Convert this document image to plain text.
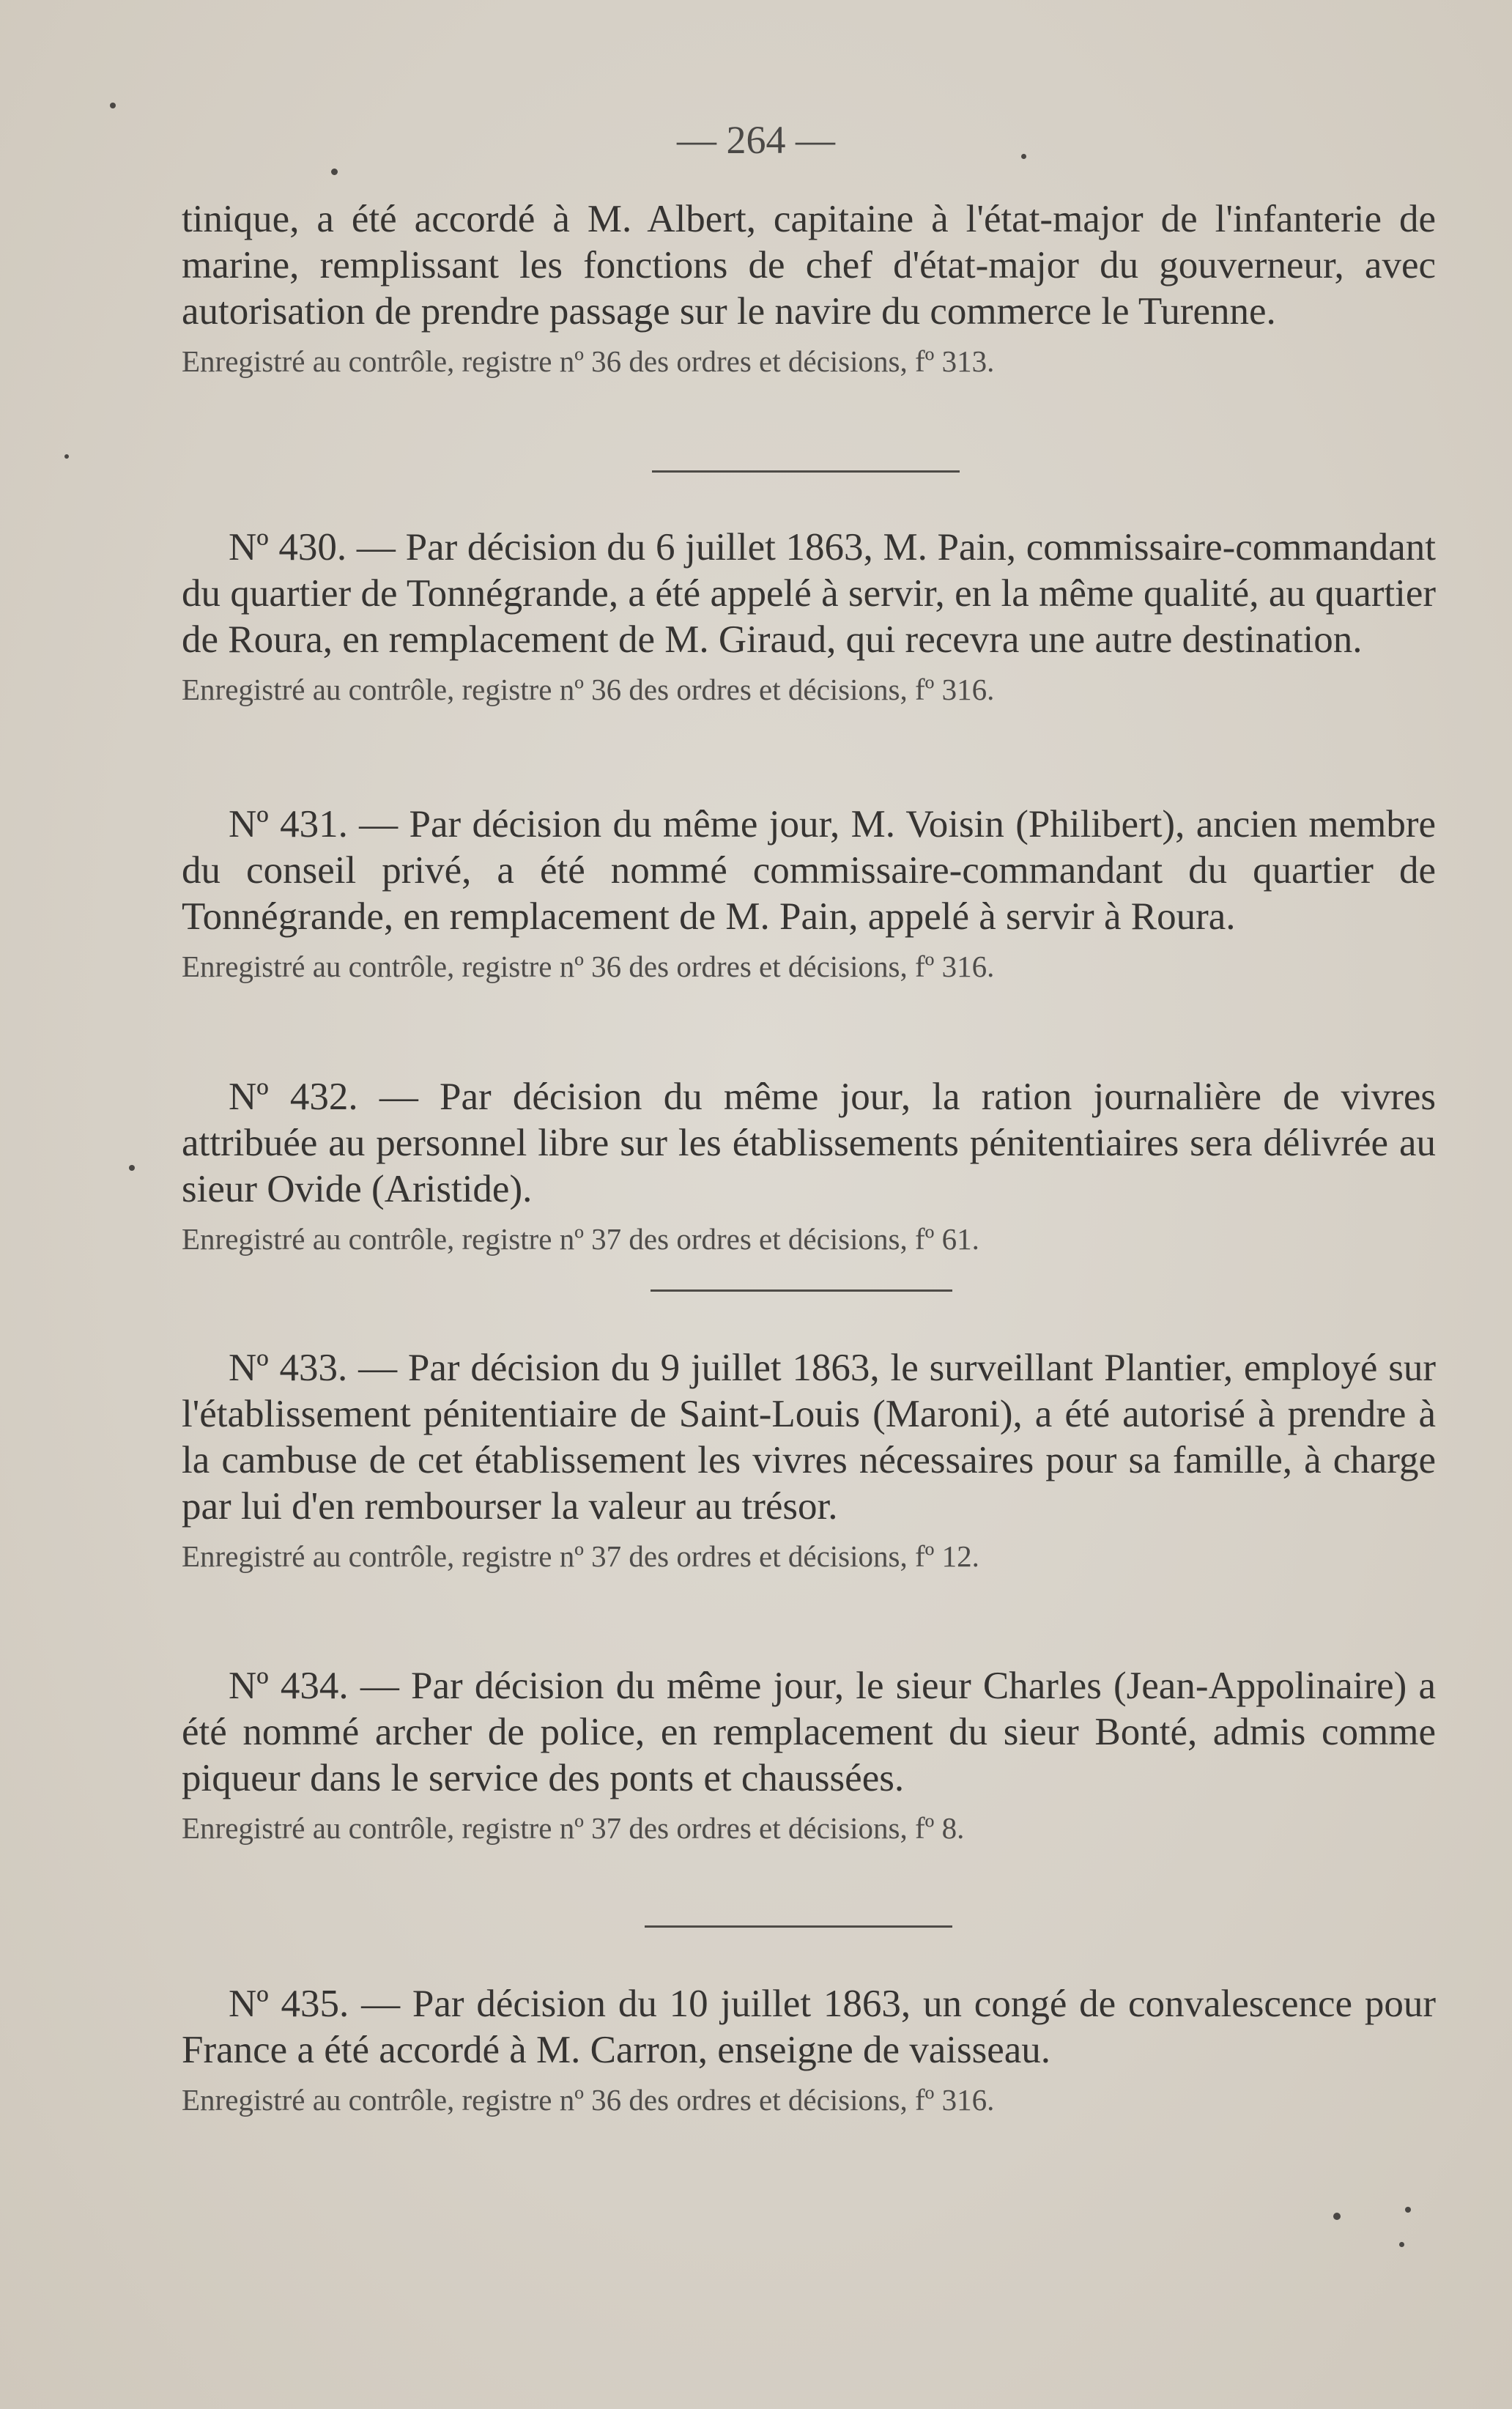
— 264 —

tinique, a été accordé à M. Albert, capitaine à l'état-major de l'infanterie de marine, remplissant les fonctions de chef d'état-major du gouverneur, avec autorisation de prendre passage sur le navire du commerce le Turenne.

Enregistré au contrôle, registre nº 36 des ordres et décisions, fº 313.

Nº 430. — Par décision du 6 juillet 1863, M. Pain, commissaire-commandant du quartier de Tonnégrande, a été appelé à servir, en la même qualité, au quartier de Roura, en remplacement de M. Giraud, qui recevra une autre destination.

Enregistré au contrôle, registre nº 36 des ordres et décisions, fº 316.

Nº 431. — Par décision du même jour, M. Voisin (Philibert), ancien membre du conseil privé, a été nommé commissaire-commandant du quartier de Tonnégrande, en remplacement de M. Pain, appelé à servir à Roura.

Enregistré au contrôle, registre nº 36 des ordres et décisions, fº 316.

Nº 432. — Par décision du même jour, la ration journalière de vivres attribuée au personnel libre sur les établissements pénitentiaires sera délivrée au sieur Ovide (Aristide).

Enregistré au contrôle, registre nº 37 des ordres et décisions, fº 61.

Nº 433. — Par décision du 9 juillet 1863, le surveillant Plantier, employé sur l'établissement pénitentiaire de Saint-Louis (Maroni), a été autorisé à prendre à la cambuse de cet établissement les vivres nécessaires pour sa famille, à charge par lui d'en rembourser la valeur au trésor.

Enregistré au contrôle, registre nº 37 des ordres et décisions, fº 12.

Nº 434. — Par décision du même jour, le sieur Charles (Jean-Appolinaire) a été nommé archer de police, en remplacement du sieur Bonté, admis comme piqueur dans le service des ponts et chaussées.

Enregistré au contrôle, registre nº 37 des ordres et décisions, fº 8.

Nº 435. — Par décision du 10 juillet 1863, un congé de convalescence pour France a été accordé à M. Carron, enseigne de vaisseau.

Enregistré au contrôle, registre nº 36 des ordres et décisions, fº 316.
